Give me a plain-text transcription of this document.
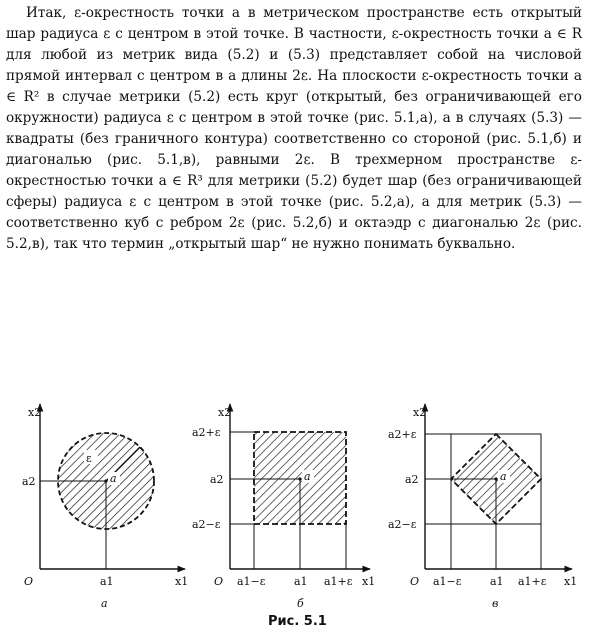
Итак, ε-окрестность точки a в метрическом пространстве есть открытый шар радиуса ε с центром в этой точке. В частности, ε-окрестность точки a ∈ R для любой из метрик вида (5.2) и (5.3) представляет собой на числовой прямой интервал с центром в a длины 2ε. На плоскости ε-окрестность точки a ∈ R² в случае метрики (5.2) есть круг (открытый, без ограничивающей его окружности) радиуса ε с центром в этой точке (рис. 5.1,а), а в случаях (5.3) — квадраты (без граничного контура) соответственно со стороной (рис. 5.1,б) и диагональю (рис. 5.1,в), равными 2ε. В трехмерном пространстве ε-окрестностью точки a ∈ R³ для метрики (5.2) будет шар (без ограничивающей сферы) радиуса ε с центром в этой точке (рис. 5.2,а), а для метрик (5.3) — соответственно куб с ребром 2ε (рис. 5.2,б) и октаэдр с диагональю 2ε (рис. 5.2,в), так что термин „открытый шар“ не нужно понимать буквально.

ε
a
a2
a1
O
x2
x1
а
a
a2+ε
a2
a2−ε
a1−ε	a1 a1+ε
O
x2
x1
б
a
a2+ε
a2
a2−ε
a1−ε	a1 a1+ε
O
x2
x1
в
Рис. 5.1
